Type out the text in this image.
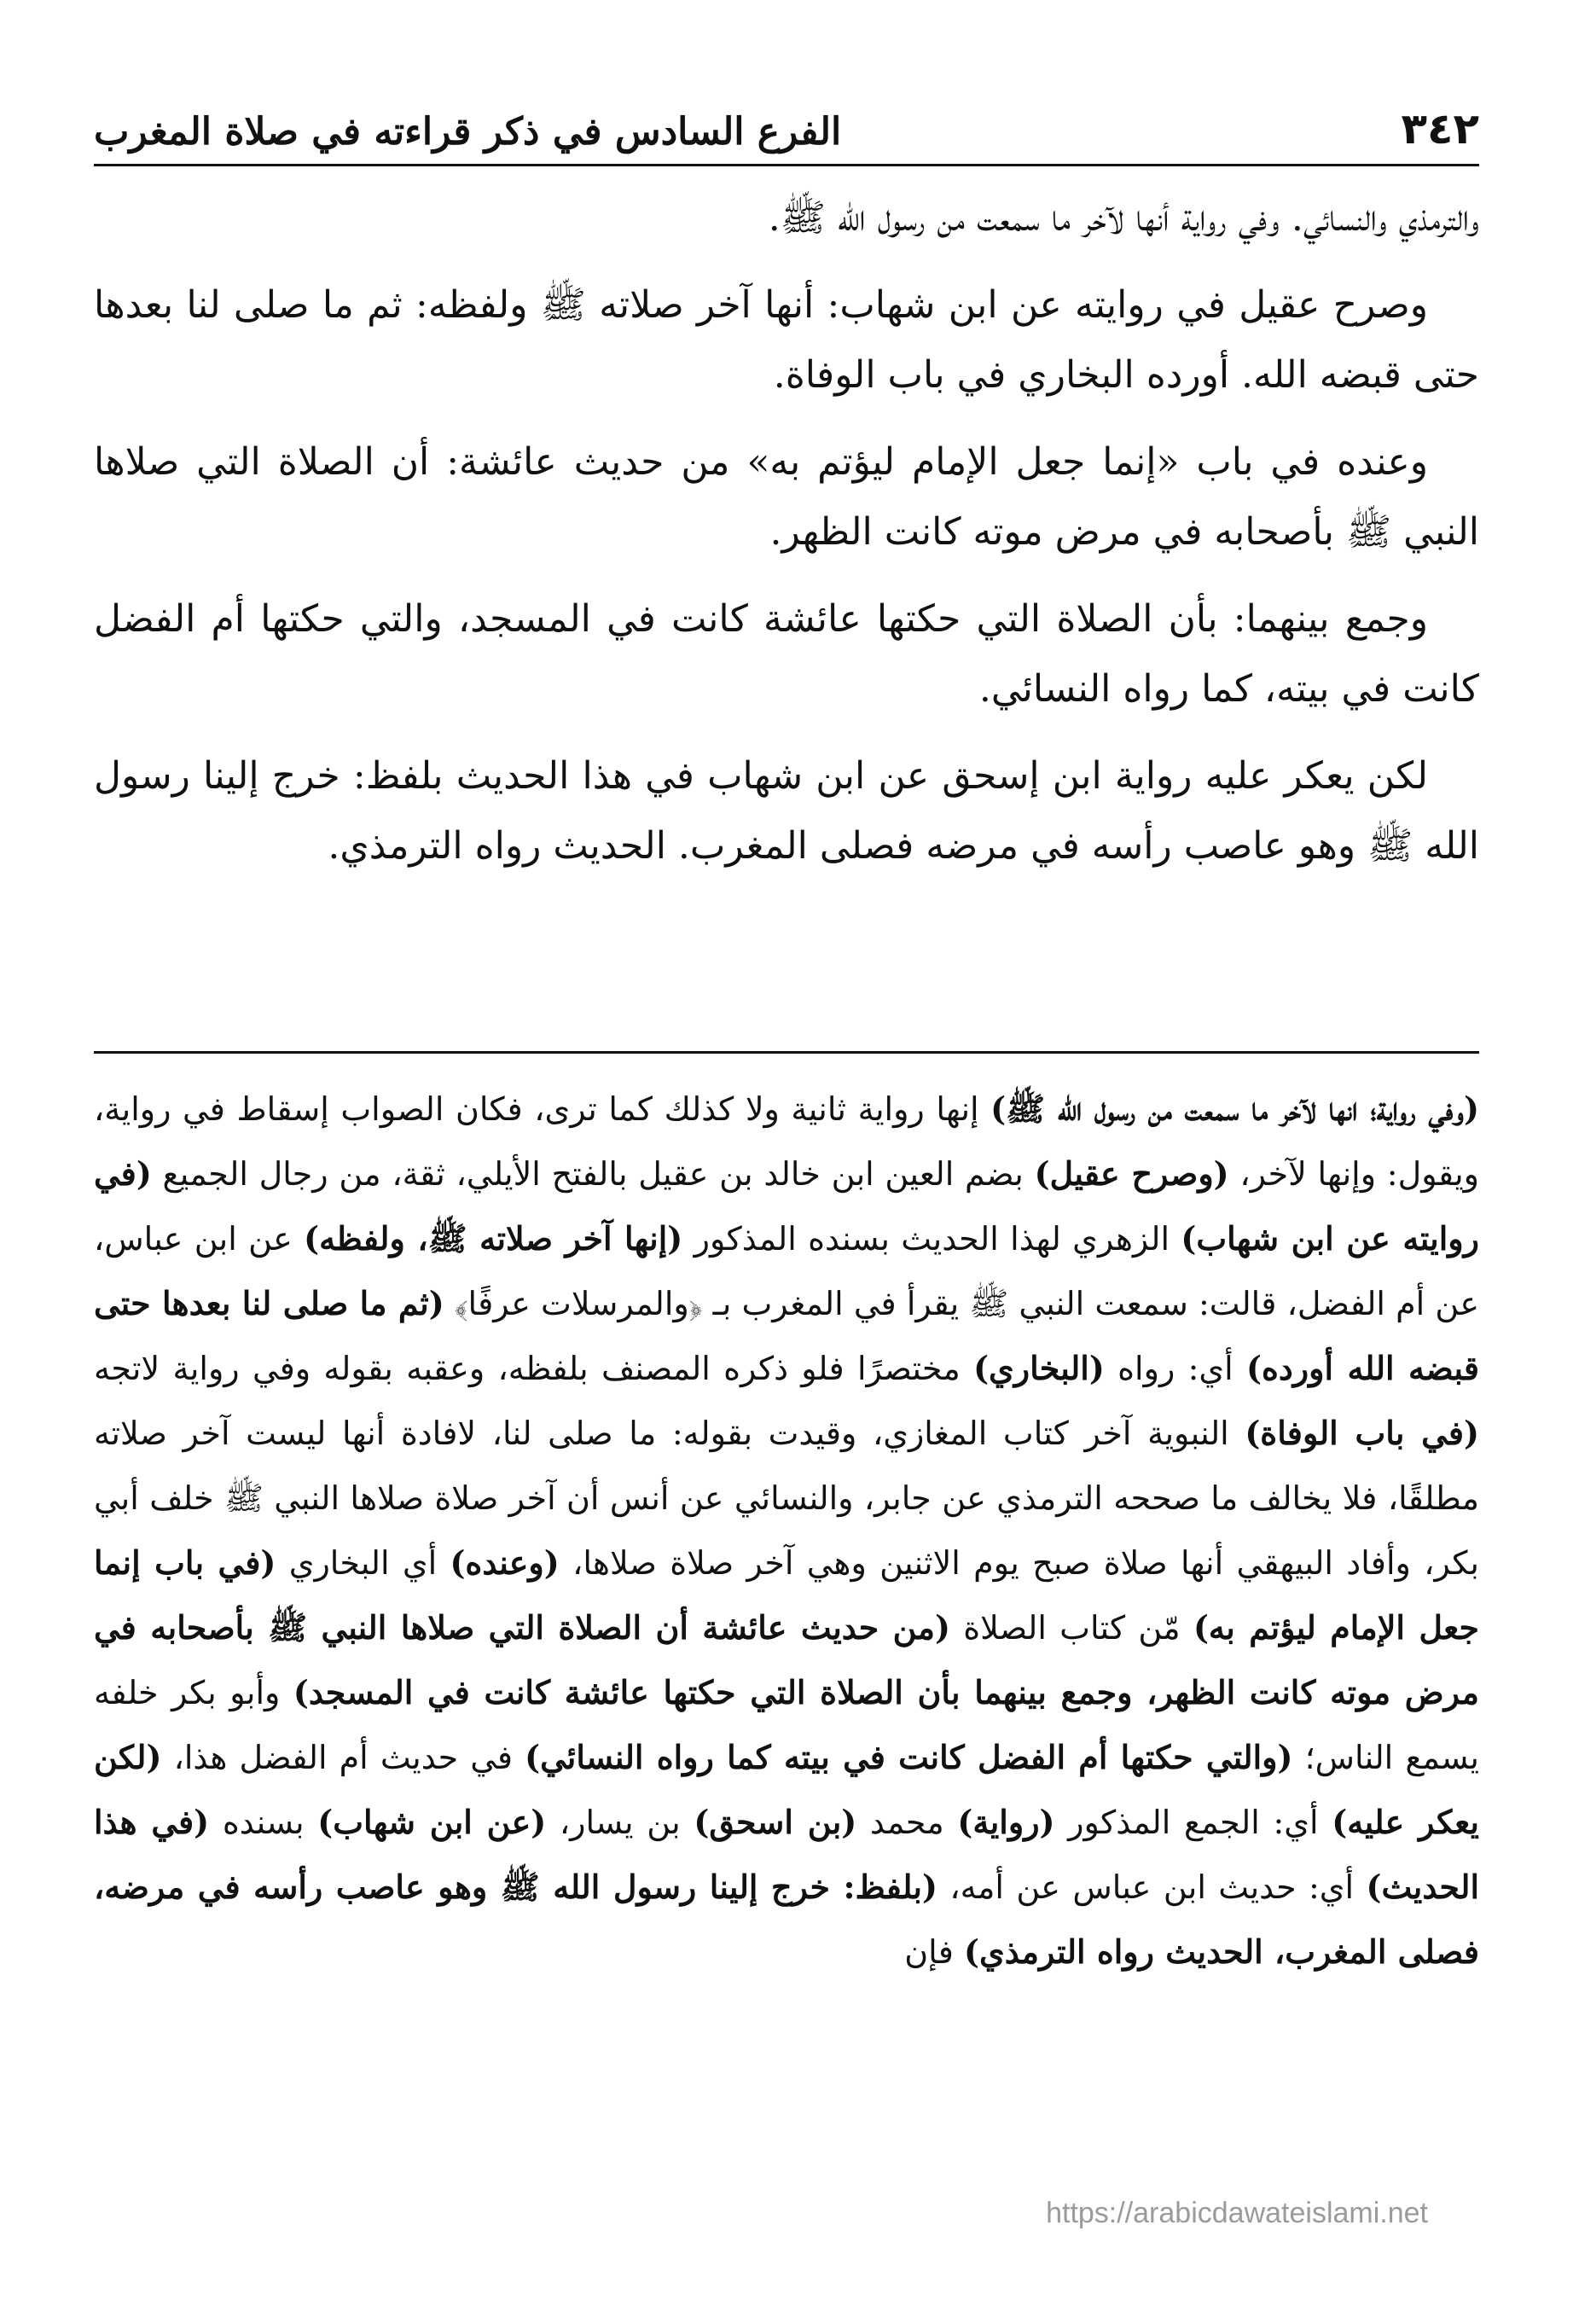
٣٤٢
الفرع السادس في ذكر قراءته في صلاة المغرب

والترمذي والنسائي. وفي رواية أنها لآخر ما سمعت من رسول الله ﷺ.

وصرح عقيل في روايته عن ابن شهاب: أنها آخر صلاته ﷺ ولفظه: ثم ما صلى لنا بعدها حتى قبضه الله. أورده البخاري في باب الوفاة.

وعنده في باب «إنما جعل الإمام ليؤتم به» من حديث عائشة: أن الصلاة التي صلاها النبي ﷺ بأصحابه في مرض موته كانت الظهر.

وجمع بينهما: بأن الصلاة التي حكتها عائشة كانت في المسجد، والتي حكتها أم الفضل كانت في بيته، كما رواه النسائي.

لكن يعكر عليه رواية ابن إسحق عن ابن شهاب في هذا الحديث بلفظ: خرج إلينا رسول الله ﷺ وهو عاصب رأسه في مرضه فصلى المغرب. الحديث رواه الترمذي.

(وفي رواية؛ انها لآخر ما سمعت من رسول الله ﷺ) إنها رواية ثانية ولا كذلك كما ترى، فكان الصواب إسقاط في رواية، ويقول: وإنها لآخر، (وصرح عقيل) بضم العين ابن خالد بن عقيل بالفتح الأيلي، ثقة، من رجال الجميع (في روايته عن ابن شهاب) الزهري لهذا الحديث بسنده المذكور (إنها آخر صلاته ﷺ، ولفظه) عن ابن عباس، عن أم الفضل، قالت: سمعت النبي ﷺ يقرأ في المغرب بـ ﴿والمرسلات عرفًا﴾ (ثم ما صلى لنا بعدها حتى قبضه الله أورده) أي: رواه (البخاري) مختصرًا فلو ذكره المصنف بلفظه، وعقبه بقوله وفي رواية لاتجه (في باب الوفاة) النبوية آخر كتاب المغازي، وقيدت بقوله: ما صلى لنا، لافادة أنها ليست آخر صلاته مطلقًا، فلا يخالف ما صححه الترمذي عن جابر، والنسائي عن أنس أن آخر صلاة صلاها النبي ﷺ خلف أبي بكر، وأفاد البيهقي أنها صلاة صبح يوم الاثنين وهي آخر صلاة صلاها، (وعنده) أي البخاري (في باب إنما جعل الإمام ليؤتم به) مّن كتاب الصلاة (من حديث عائشة أن الصلاة التي صلاها النبي ﷺ بأصحابه في مرض موته كانت الظهر، وجمع بينهما بأن الصلاة التي حكتها عائشة كانت في المسجد) وأبو بكر خلفه يسمع الناس؛ (والتي حكتها أم الفضل كانت في بيته كما رواه النسائي) في حديث أم الفضل هذا، (لكن يعكر عليه) أي: الجمع المذكور (رواية) محمد (بن اسحق) بن يسار، (عن ابن شهاب) بسنده (في هذا الحديث) أي: حديث ابن عباس عن أمه، (بلفظ: خرج إلينا رسول الله ﷺ وهو عاصب رأسه في مرضه، فصلى المغرب، الحديث رواه الترمذي) فإن

https://arabicdawateislami.net
